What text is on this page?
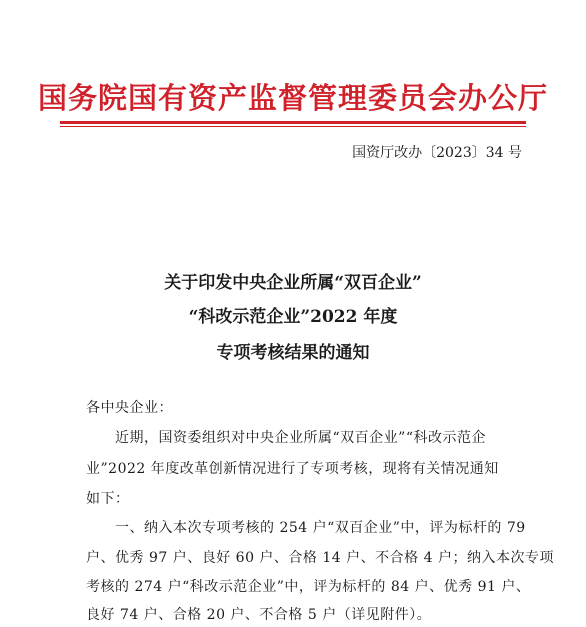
国务院国有资产监督管理委员会办公厅
国资厅改办〔2023〕34 号
关于印发中央企业所属“双百企业”
“科改示范企业”2022 年度
专项考核结果的通知
各中央企业：
　　近期，国资委组织对中央企业所属“双百企业”“科改示范企
业”2022 年度改革创新情况进行了专项考核，现将有关情况通知
如下：
　　一、纳入本次专项考核的 254 户“双百企业”中，评为标杆的 79
户、优秀 97 户、良好 60 户、合格 14 户、不合格 4 户；纳入本次专项
考核的 274 户“科改示范企业”中，评为标杆的 84 户、优秀 91 户、
良好 74 户、合格 20 户、不合格 5 户（详见附件）。
